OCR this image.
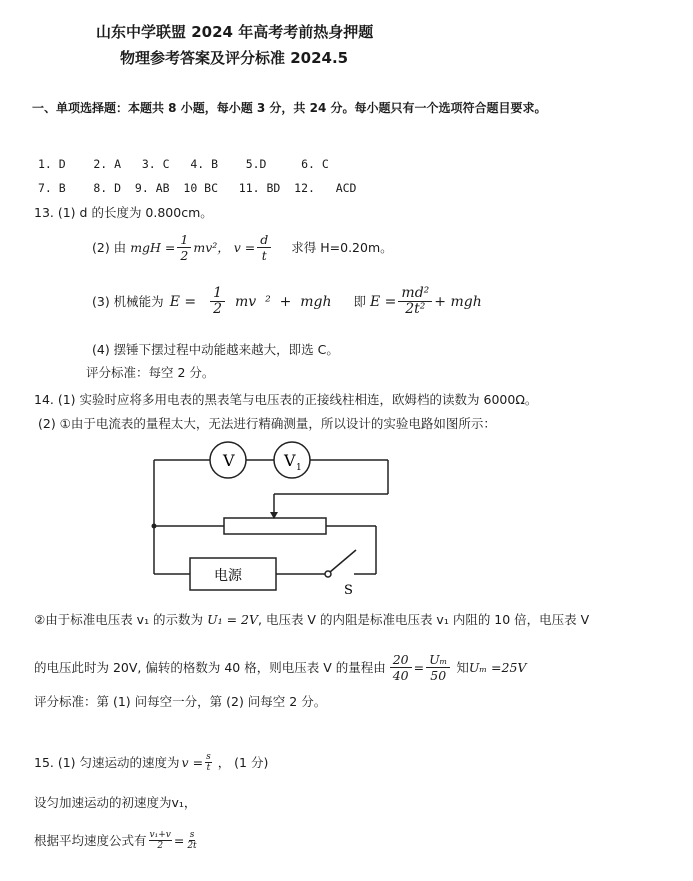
山东中学联盟 2024 年高考考前热身押题
物理参考答案及评分标准 2024.5
一、单项选择题：本题共 8 小题，每小题 3 分，共 24 分。每小题只有一个选项符合题目要求。
1. D    2. A   3. C   4. B    5.D     6. C
7. B    8. D  9. AB  10 BC   11. BD  12.   ACD
13. (1) d 的长度为 0.800cm。
(2) 由 mgH = $\frac{1}{2} mv^2$， $v = \frac{d}{t}$ 求得 H=0.20m。
(3) 机械能为 $E = \frac{1}{2}$ mv  ²  +  mgh 即 $E = \frac{\text{md²}}{\text{2t²}}$ + mgh
(4) 摆锤下摆过程中动能越来越大，即选 C。
评分标准：每空 2 分。
14. (1) 实验时应将多用电表的黑表笔与电压表的正接线柱相连，欧姆档的读数为 6000Ω。
(2) ①由于电流表的量程太大，无法进行精确测量，所以设计的实验电路如图所示：
V	V 1
电源
S
②由于标准电压表 v₁ 的示数为 U₁ = 2V , 电压表 V 的内阻是标准电压表 v₁ 内阻的 10 倍，电压表 V
的电压此时为 20V, 偏转的格数为 40 格，则电压表 V 的量程由 $\frac{20}{40} = \frac{\text{Uₘ}}{50}$ 知 Uₘ =25V
评分标准：第 (1) 问每空一分，第 (2) 问每空 2 分。
15. (1) 匀速运动的速度为 $v = \frac{s}{t}$ ， (1 分)
设匀加速运动的初速度为v₁，
根据平均速度公式有 $\frac{\text{v₁+v}}{2} = \frac{s}{2t}$
